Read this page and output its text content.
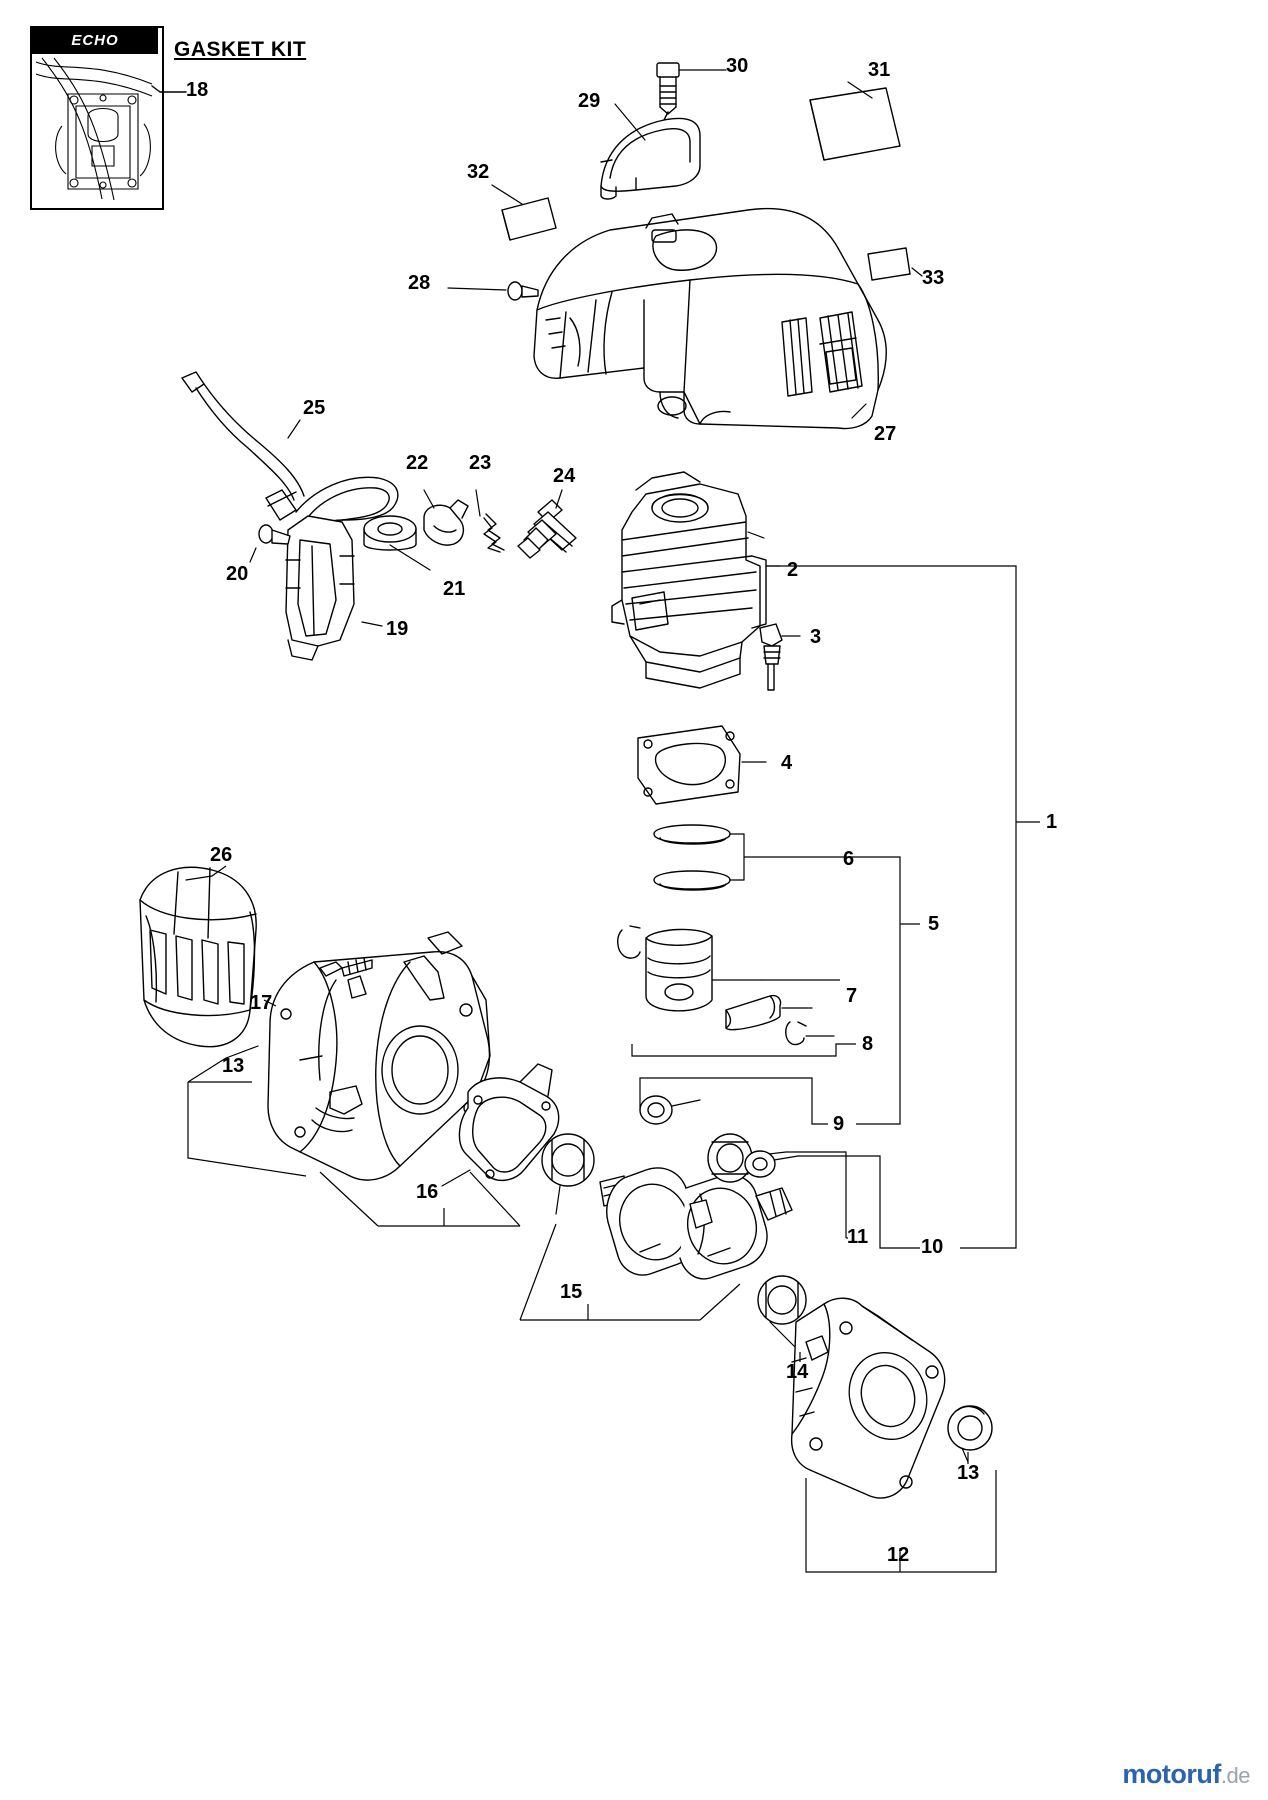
ECHO	GASKET KIT
18
30	31
29
32
33
28
27
25
22 23
24
20
21
19
2
3
4
1
6
5
26
17	7
8
13
9
16
11	10
15
14
13
12
motoruf.de
